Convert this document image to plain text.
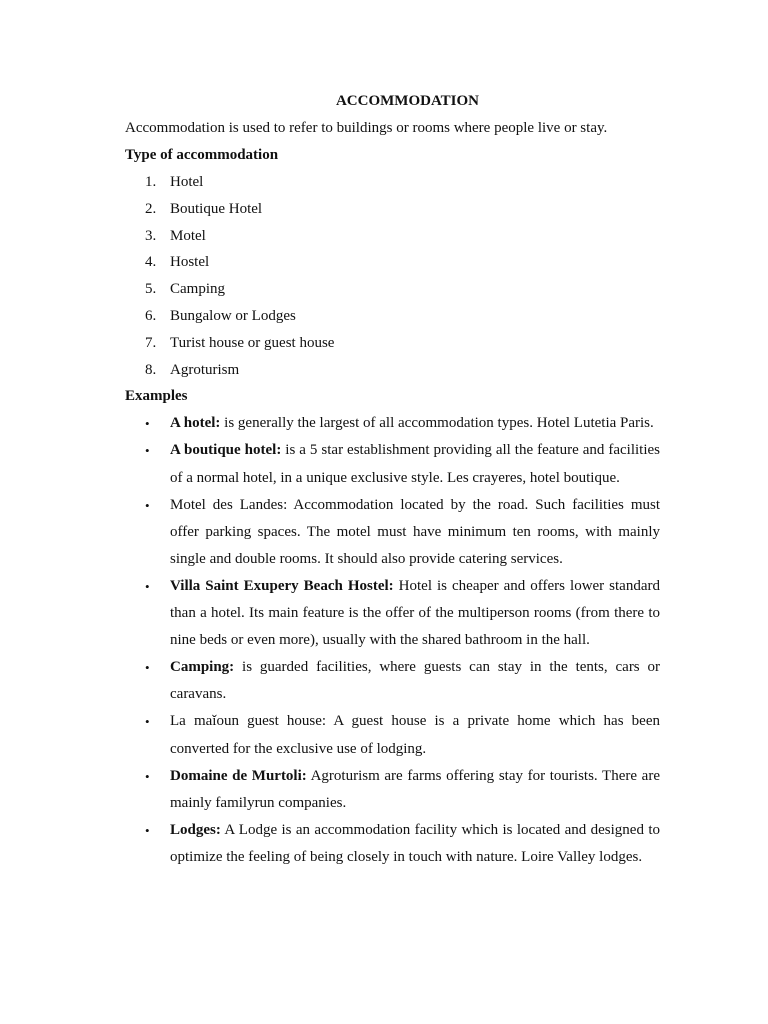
ACCOMMODATION

Accommodation is used to refer to buildings or rooms where people live or stay.

Type of accommodation

1. Hotel
2. Boutique Hotel
3. Motel
4. Hostel
5. Camping
6. Bungalow or Lodges
7. Turist house or guest house
8. Agroturism

Examples

• A hotel: is generally the largest of all accommodation types. Hotel Lutetia Paris.
• A boutique hotel: is a 5 star establishment providing all the feature and facilities of a normal hotel, in a unique exclusive style. Les crayeres, hotel boutique.
• Motel des Landes: Accommodation located by the road. Such facilities must offer parking spaces. The motel must have minimum ten rooms, with mainly single and double rooms. It should also provide catering services.
• Villa Saint Exupery Beach Hostel: Hotel is cheaper and offers lower standard than a hotel. Its main feature is the offer of the multiperson rooms (from there to nine beds or even more), usually with the shared bathroom in the hall.
• Camping: is guarded facilities, where guests can stay in the tents, cars or caravans.
• La maǐoun guest house: A guest house is a private home which has been converted for the exclusive use of lodging.
• Domaine de Murtoli: Agroturism are farms offering stay for tourists. There are mainly familyrun companies.
• Lodges: A Lodge is an accommodation facility which is located and designed to optimize the feeling of being closely in touch with nature. Loire Valley lodges.
